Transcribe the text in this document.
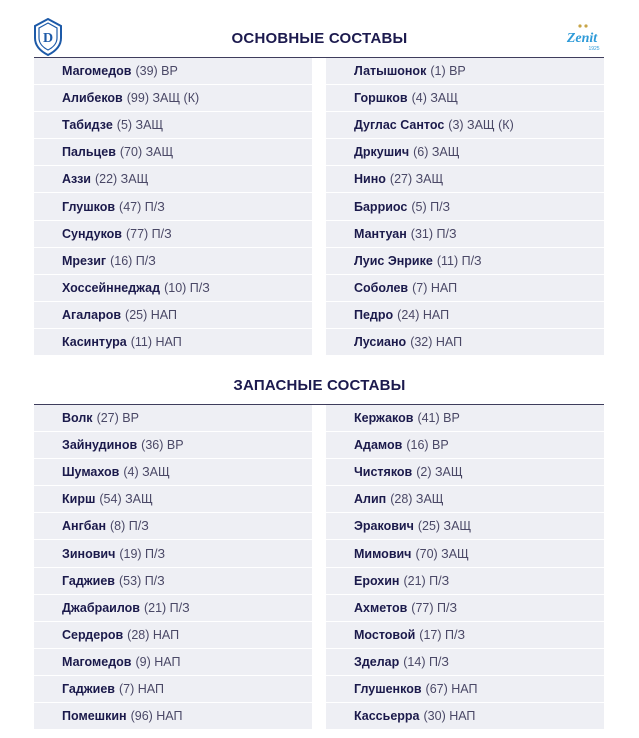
D	Zenit
1925
ОСНОВНЫЕ СОСТАВЫ
Магомедов (39) ВР
Алибеков (99) ЗАЩ (К)
Табидзе (5) ЗАЩ
Пальцев (70) ЗАЩ
Аззи (22) ЗАЩ
Глушков (47) П/З
Сундуков (77) П/З
Мрезиг (16) П/З
Хоссейннеджад (10) П/З
Агаларов (25) НАП
Касинтура (11) НАП
Латышонок (1) ВР
Горшков (4) ЗАЩ
Дуглас Сантос (3) ЗАЩ (К)
Дркушич (6) ЗАЩ
Нино (27) ЗАЩ
Барриос (5) П/З
Мантуан (31) П/З
Луис Энрике (11) П/З
Соболев (7) НАП
Педро (24) НАП
Лусиано (32) НАП
ЗАПАСНЫЕ СОСТАВЫ
Волк (27) ВР
Зайнудинов (36) ВР
Шумахов (4) ЗАЩ
Кирш (54) ЗАЩ
Ангбан (8) П/З
Зинович (19) П/З
Гаджиев (53) П/З
Джабраилов (21) П/З
Сердеров (28) НАП
Магомедов (9) НАП
Гаджиев (7) НАП
Помешкин (96) НАП
Кержаков (41) ВР
Адамов (16) ВР
Чистяков (2) ЗАЩ
Алип (28) ЗАЩ
Эракович (25) ЗАЩ
Мимович (70) ЗАЩ
Ерохин (21) П/З
Ахметов (77) П/З
Мостовой (17) П/З
Зделар (14) П/З
Глушенков (67) НАП
Кассьерра (30) НАП
